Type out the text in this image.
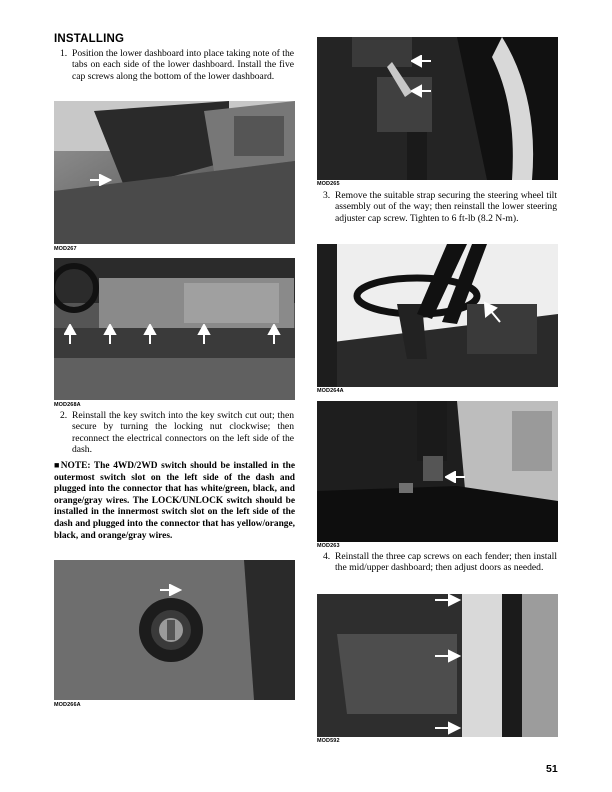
INSTALLING
1. Position the lower dashboard into place taking note of the tabs on each side of the lower dashboard. Install the five cap screws along the bottom of the lower dashboard.
MOD267
MOD268A
2. Reinstall the key switch into the key switch cut out; then secure by turning the locking nut clockwise; then reconnect the electrical connectors on the left side of the dash.
■NOTE: The 4WD/2WD switch should be installed in the outermost switch slot on the left side of the dash and plugged into the connector that has white/green, black, and orange/gray wires. The LOCK/UNLOCK switch should be installed in the innermost switch slot on the left side of the dash and plugged into the connector that has yellow/orange, black, and orange/gray wires.
MOD266A
MOD265
3. Remove the suitable strap securing the steering wheel tilt assembly out of the way; then reinstall the lower steering adjuster cap screw. Tighten to 6 ft-lb (8.2 N-m).
MOD264A
MOD263
4. Reinstall the three cap screws on each fender; then install the mid/upper dashboard; then adjust doors as needed.
MOD592
51
